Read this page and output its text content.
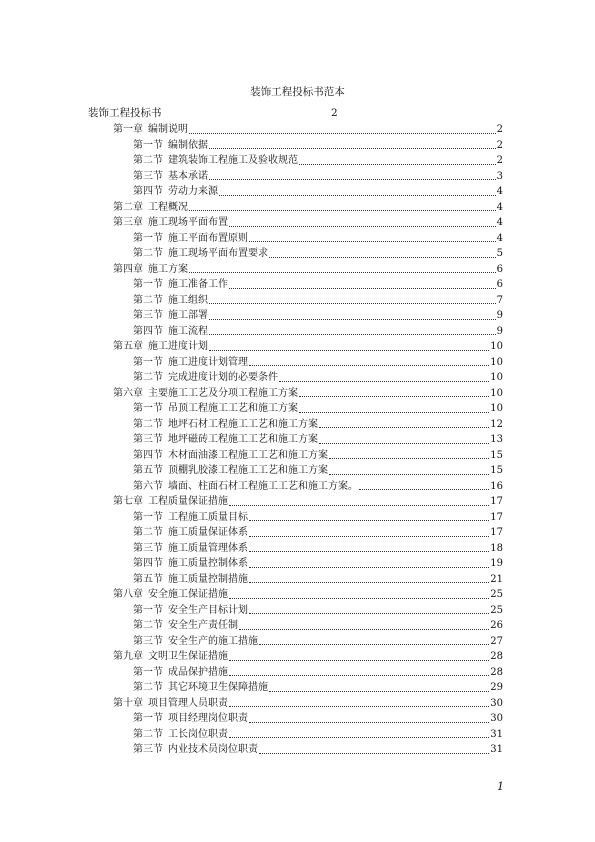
装饰工程投标书范本
装饰工程投标书	2
第一章 编制说明	2
第一节 编制依据	2
第二节 建筑装饰工程施工及验收规范	2
第三节 基本承诺	3
第四节 劳动力来源	4
第二章 工程概况	4
第三章 施工现场平面布置	4
第一节 施工平面布置原则	4
第二节 施工现场平面布置要求	5
第四章 施工方案	6
第一节 施工准备工作	6
第二节 施工组织	7
第三节 施工部署	9
第四节 施工流程	9
第五章 施工进度计划	10
第一节 施工进度计划管理	10
第二节 完成进度计划的必要条件	10
第六章 主要施工工艺及分项工程施工方案	10
第一节 吊顶工程施工工艺和施工方案	10
第二节 地坪石材工程施工工艺和施工方案	12
第三节 地坪磁砖工程施工工艺和施工方案	13
第四节 木材面油漆工程施工工艺和施工方案	15
第五节 顶棚乳胶漆工程施工工艺和施工方案	15
第六节 墙面、柱面石材工程施工工艺和施工方案。	16
第七章 工程质量保证措施	17
第一节 工程施工质量目标	17
第二节 施工质量保证体系	17
第三节 施工质量管理体系	18
第四节 施工质量控制体系	19
第五节 施工质量控制措施	21
第八章 安全施工保证措施	25
第一节 安全生产目标计划	25
第二节 安全生产责任制	26
第三节 安全生产的施工措施	27
第九章 文明卫生保证措施	28
第一节 成品保护措施	28
第二节 其它环境卫生保障措施	29
第十章 项目管理人员职责	30
第一节 项目经理岗位职责	30
第二节 工长岗位职责	31
第三节 内业技术员岗位职责	31
1
